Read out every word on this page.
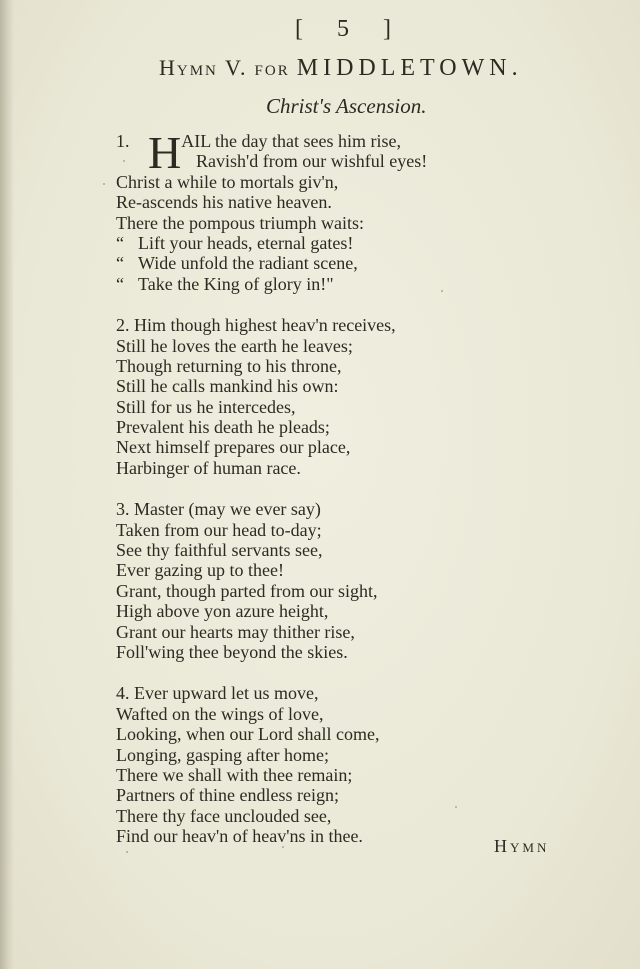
[ 5 ]
Hymn V. for MIDDLETOWN.
Christ's Ascension.
1. HAIL the day that sees him rise,
Ravish'd from our wishful eyes!
Christ a while to mortals giv'n,
Re-ascends his native heaven.
There the pompous triumph waits:
“ Lift your heads, eternal gates!
“ Wide unfold the radiant scene,
“ Take the King of glory in!"
2. Him though highest heav'n receives,
Still he loves the earth he leaves;
Though returning to his throne,
Still he calls mankind his own:
Still for us he intercedes,
Prevalent his death he pleads;
Next himself prepares our place,
Harbinger of human race.
3. Master (may we ever say)
Taken from our head to-day;
See thy faithful servants see,
Ever gazing up to thee!
Grant, though parted from our sight,
High above yon azure height,
Grant our hearts may thither rise,
Foll'wing thee beyond the skies.
4. Ever upward let us move,
Wafted on the wings of love,
Looking, when our Lord shall come,
Longing, gasping after home;
There we shall with thee remain;
Partners of thine endless reign;
There thy face unclouded see,
Find our heav'n of heav'ns in thee.	Hymn
